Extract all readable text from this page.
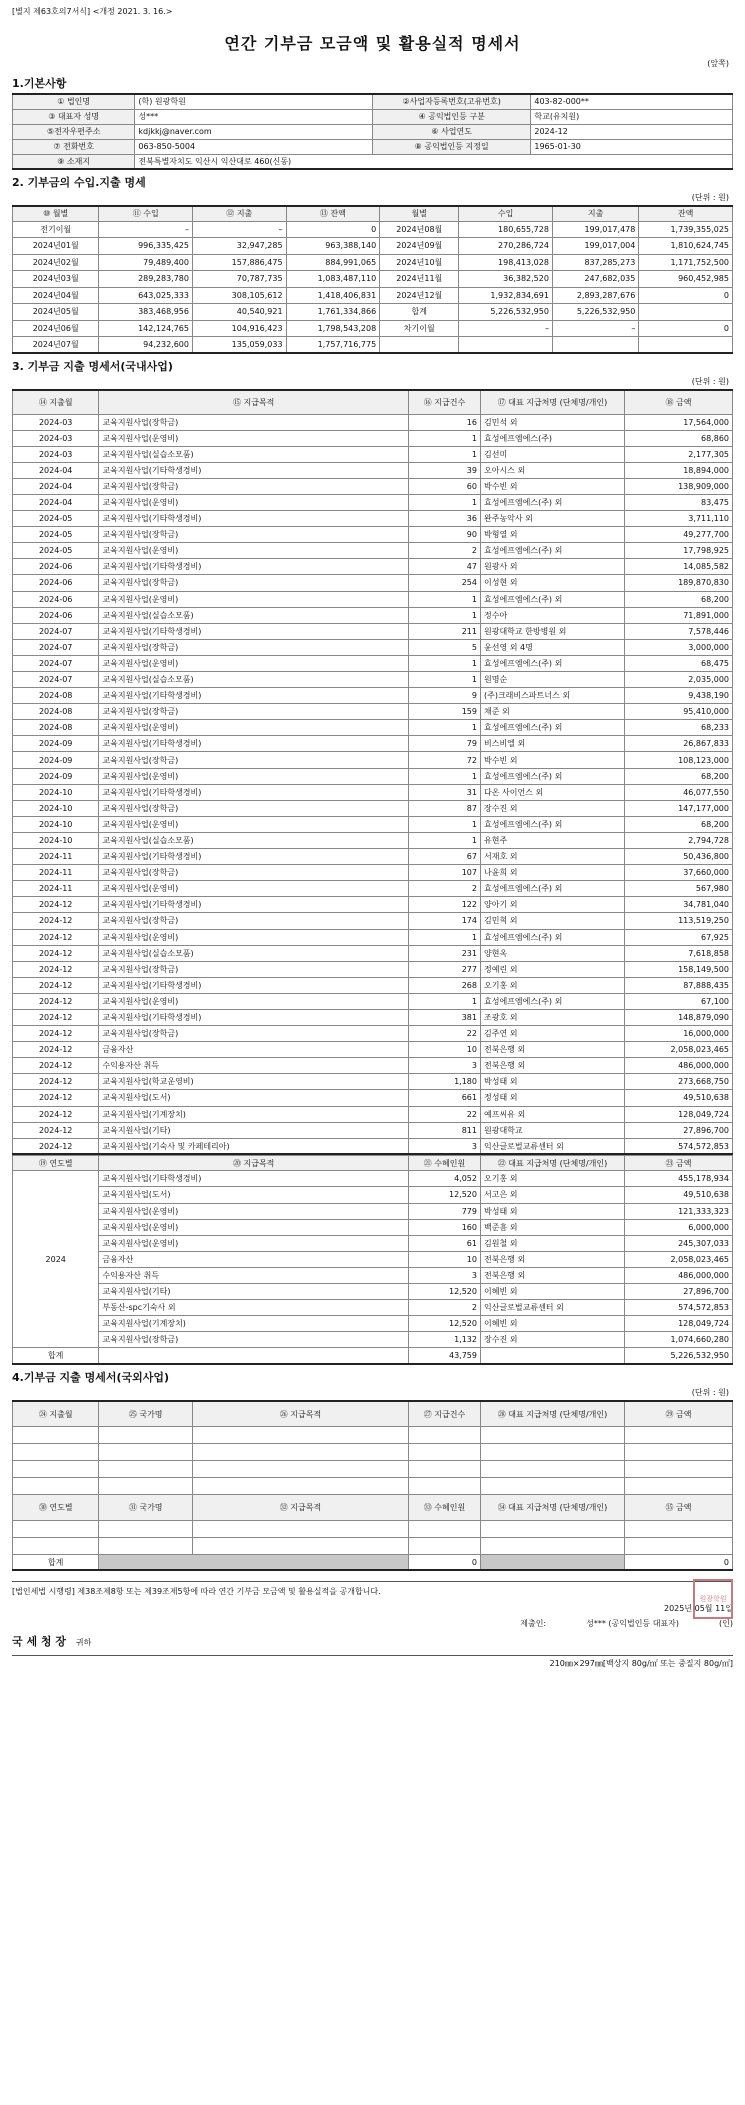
[별지 제63호의7서식] <개정 2021. 3. 16.>
연간 기부금 모금액 및 활용실적 명세서
(앞쪽)
1.기본사항
① 법인명	(학) 원광학원	②사업자등록번호(고유번호)	403-82-000**
③ 대표자 성명	성***	④ 공익법인등 구분	학교(유치원)
⑤전자우편주소	kdjkkj@naver.com	⑥ 사업연도	2024-12
⑦ 전화번호	063-850-5004	⑧ 공익법인등 지정일	1965-01-30
⑨ 소재지	전북특별자치도 익산시 익산대로 460(신동)		
2. 기부금의 수입.지출 명세
(단위 : 원)
⑩ 월별	⑪ 수입	⑫ 지출	⑬ 잔액	월별	수입	지출	잔액
전기이월	–	–	0	2024년08월	180,655,728	199,017,478	1,739,355,025
2024년01월	996,335,425	32,947,285	963,388,140	2024년09월	270,286,724	199,017,004	1,810,624,745
2024년02월	79,489,400	157,886,475	884,991,065	2024년10월	198,413,028	837,285,273	1,171,752,500
2024년03월	289,283,780	70,787,735	1,083,487,110	2024년11월	36,382,520	247,682,035	960,452,985
2024년04월	643,025,333	308,105,612	1,418,406,831	2024년12월	1,932,834,691	2,893,287,676	0
2024년05월	383,468,956	40,540,921	1,761,334,866	합계	5,226,532,950	5,226,532,950	
2024년06월	142,124,765	104,916,423	1,798,543,208	차기이월	–	–	0
2024년07월	94,232,600	135,059,033	1,757,716,775				
3. 기부금 지출 명세서(국내사업)
(단위 : 원)
⑭ 지출월	⑮ 지급목적	⑯ 지급건수	⑰ 대표 지급처명 (단체명/개인)	⑱ 금액
2024-03	교육지원사업(장학금)	16	김민석 외	17,564,000
2024-03	교육지원사업(운영비)	1	효성에프엠에스(주)	68,860
2024-03	교육지원사업(실습소모품)	1	김선미	2,177,305
2024-04	교육지원사업(기타학생경비)	39	오아시스 외	18,894,000
2024-04	교육지원사업(장학금)	60	박수빈 외	138,909,000
2024-04	교육지원사업(운영비)	1	효성에프엠에스(주) 외	83,475
2024-05	교육지원사업(기타학생경비)	36	완주농악사 외	3,711,110
2024-05	교육지원사업(장학금)	90	박형열 외	49,277,700
2024-05	교육지원사업(운영비)	2	효성에프엠에스(주) 외	17,798,925
2024-06	교육지원사업(기타학생경비)	47	원광사 외	14,085,582
2024-06	교육지원사업(장학금)	254	이성현 외	189,870,830
2024-06	교육지원사업(운영비)	1	효성에프엠에스(주) 외	68,200
2024-06	교육지원사업(실습소모품)	1	정수아	71,891,000
2024-07	교육지원사업(기타학생경비)	211	원광대학교 한방병원 외	7,578,446
2024-07	교육지원사업(장학금)	5	윤선영 외 4명	3,000,000
2024-07	교육지원사업(운영비)	1	효성에프엠에스(주) 외	68,475
2024-07	교육지원사업(실습소모품)	1	원명순	2,035,000
2024-08	교육지원사업(기타학생경비)	9	(주)크래비스파트너스 외	9,438,190
2024-08	교육지원사업(장학금)	159	채준 외	95,410,000
2024-08	교육지원사업(운영비)	1	효성에프엠에스(주) 외	68,233
2024-09	교육지원사업(기타학생경비)	79	비스비엘 외	26,867,833
2024-09	교육지원사업(장학금)	72	박수빈 외	108,123,000
2024-09	교육지원사업(운영비)	1	효성에프엠에스(주) 외	68,200
2024-10	교육지원사업(기타학생경비)	31	다온 사이언스 외	46,077,550
2024-10	교육지원사업(장학금)	87	장수진 외	147,177,000
2024-10	교육지원사업(운영비)	1	효성에프엠에스(주) 외	68,200
2024-10	교육지원사업(실습소모품)	1	유현주	2,794,728
2024-11	교육지원사업(기타학생경비)	67	서재호 외	50,436,800
2024-11	교육지원사업(장학금)	107	나윤희 외	37,660,000
2024-11	교육지원사업(운영비)	2	효성에프엠에스(주) 외	567,980
2024-12	교육지원사업(기타학생경비)	122	양아기 외	34,781,040
2024-12	교육지원사업(장학금)	174	김민혁 외	113,519,250
2024-12	교육지원사업(운영비)	1	효성에프엠에스(주) 외	67,925
2024-12	교육지원사업(실습소모품)	231	양현옥	7,618,858
2024-12	교육지원사업(장학금)	277	정예린 외	158,149,500
2024-12	교육지원사업(기타학생경비)	268	오기홍 외	87,888,435
2024-12	교육지원사업(운영비)	1	효성에프엠에스(주) 외	67,100
2024-12	교육지원사업(기타학생경비)	381	조광호 외	148,879,090
2024-12	교육지원사업(장학금)	22	김주연 외	16,000,000
2024-12	금융자산	10	전북은행 외	2,058,023,465
2024-12	수익용자산 취득	3	전북은행 외	486,000,000
2024-12	교육지원사업(학교운영비)	1,180	박성태 외	273,668,750
2024-12	교육지원사업(도서)	661	정성태 외	49,510,638
2024-12	교육지원사업(기계장치)	22	예프씨유 외	128,049,724
2024-12	교육지원사업(기타)	811	원광대학교	27,896,700
2024-12	교육지원사업(기숙사 및 카페테리아)	3	익산글로벌교류센터 외	574,572,853
⑲ 연도별	⑳ 지급목적	㉑ 수혜인원	㉒ 대표 지급처명 (단체명/개인)	㉓ 금액
2024	교육지원사업(기타학생경비)	4,052	오기홍 외	455,178,934
	교육지원사업(도서)	12,520	서고은 외	49,510,638
	교육지원사업(운영비)	779	박성태 외	121,333,323
	교육지원사업(운영비)	160	백준흠 외	6,000,000
	교육지원사업(운영비)	61	김원철 외	245,307,033
	금융자산	10	전북은행 외	2,058,023,465
	수익용자산 취득	3	전북은행 외	486,000,000
	교육지원사업(기타)	12,520	이혜빈 외	27,896,700
	부동산-spc기숙사 외	2	익산글로벌교류센터 외	574,572,853
	교육지원사업(기계장치)	12,520	이혜빈 외	128,049,724
	교육지원사업(장학금)	1,132	장수진 외	1,074,660,280
합계		43,759		5,226,532,950
4.기부금 지출 명세서(국외사업)
(단위 : 원)
㉔ 지출월	㉕ 국가명	㉖ 지급목적	㉗ 지급건수	㉘ 대표 지급처명 (단체명/개인)	㉙ 금액

㉚ 연도별	㉛ 국가명	㉜ 지급목적	㉝ 수혜인원	㉞ 대표 지급처명 (단체명/개인)	㉟ 금액

합계			0		0
[법인세법 시행령] 제38조제8항 또는 제39조제5항에 따라 연간 기부금 모금액 및 활용실적을 공개합니다.
2025년 05월 11일
제출인:	성*** (공익법인등 대표자)	(인)
국 세 청 장 귀하
원광학원
210㎜×297㎜[백상지 80g/㎡ 또는 중질지 80g/㎡]
